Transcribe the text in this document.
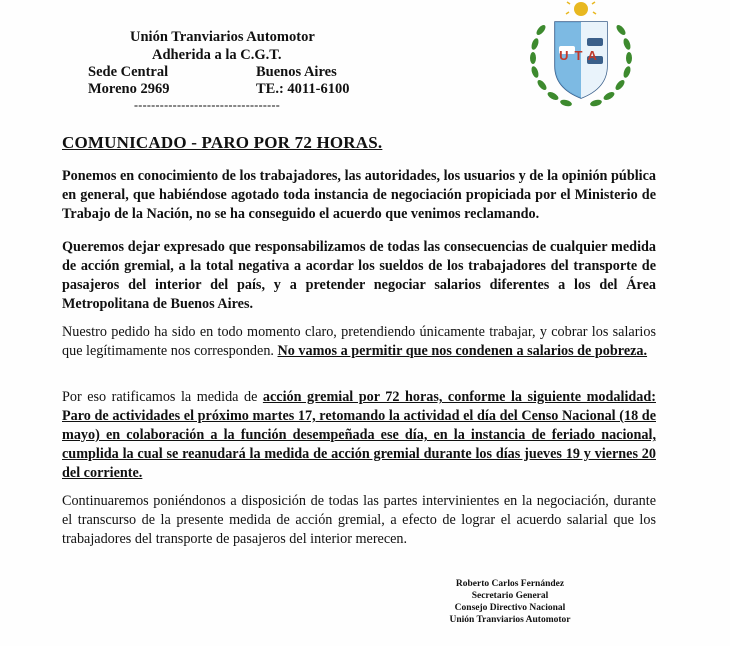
Unión Tranviarios Automotor
Adherida a la C.G.T.
Sede Central	Buenos Aires
Moreno 2969	TE.: 4011-6100
----------------------------------
UTA
COMUNICADO - PARO POR 72 HORAS.
Ponemos en conocimiento de los trabajadores, las autoridades, los usuarios y de la opinión pública en general, que habiéndose agotado toda instancia de negociación propiciada por el Ministerio de Trabajo de la Nación, no se ha conseguido el acuerdo que venimos reclamando.
Queremos dejar expresado que responsabilizamos de todas las consecuencias de cualquier medida de acción gremial, a la total negativa a acordar los sueldos de los trabajadores del transporte de pasajeros del interior del país, y a pretender negociar salarios diferentes a los del Área Metropolitana de Buenos Aires.
Nuestro pedido ha sido en todo momento claro, pretendiendo únicamente trabajar, y cobrar los salarios que legítimamente nos corresponden. No vamos a permitir que nos condenen a salarios de pobreza.
Por eso ratificamos la medida de acción gremial por 72 horas, conforme la siguiente modalidad: Paro de actividades el próximo martes 17, retomando la actividad el día del Censo Nacional (18 de mayo) en colaboración a la función desempeñada ese día, en la instancia de feriado nacional, cumplida la cual se reanudará la medida de acción gremial durante los días jueves 19 y viernes 20 del corriente.
Continuaremos poniéndonos a disposición de todas las partes intervinientes en la negociación, durante el transcurso de la presente medida de acción gremial, a efecto de lograr el acuerdo salarial que los trabajadores del transporte de pasajeros del interior merecen.
Roberto Carlos Fernández
Secretario General
Consejo Directivo Nacional
Unión Tranviarios Automotor
